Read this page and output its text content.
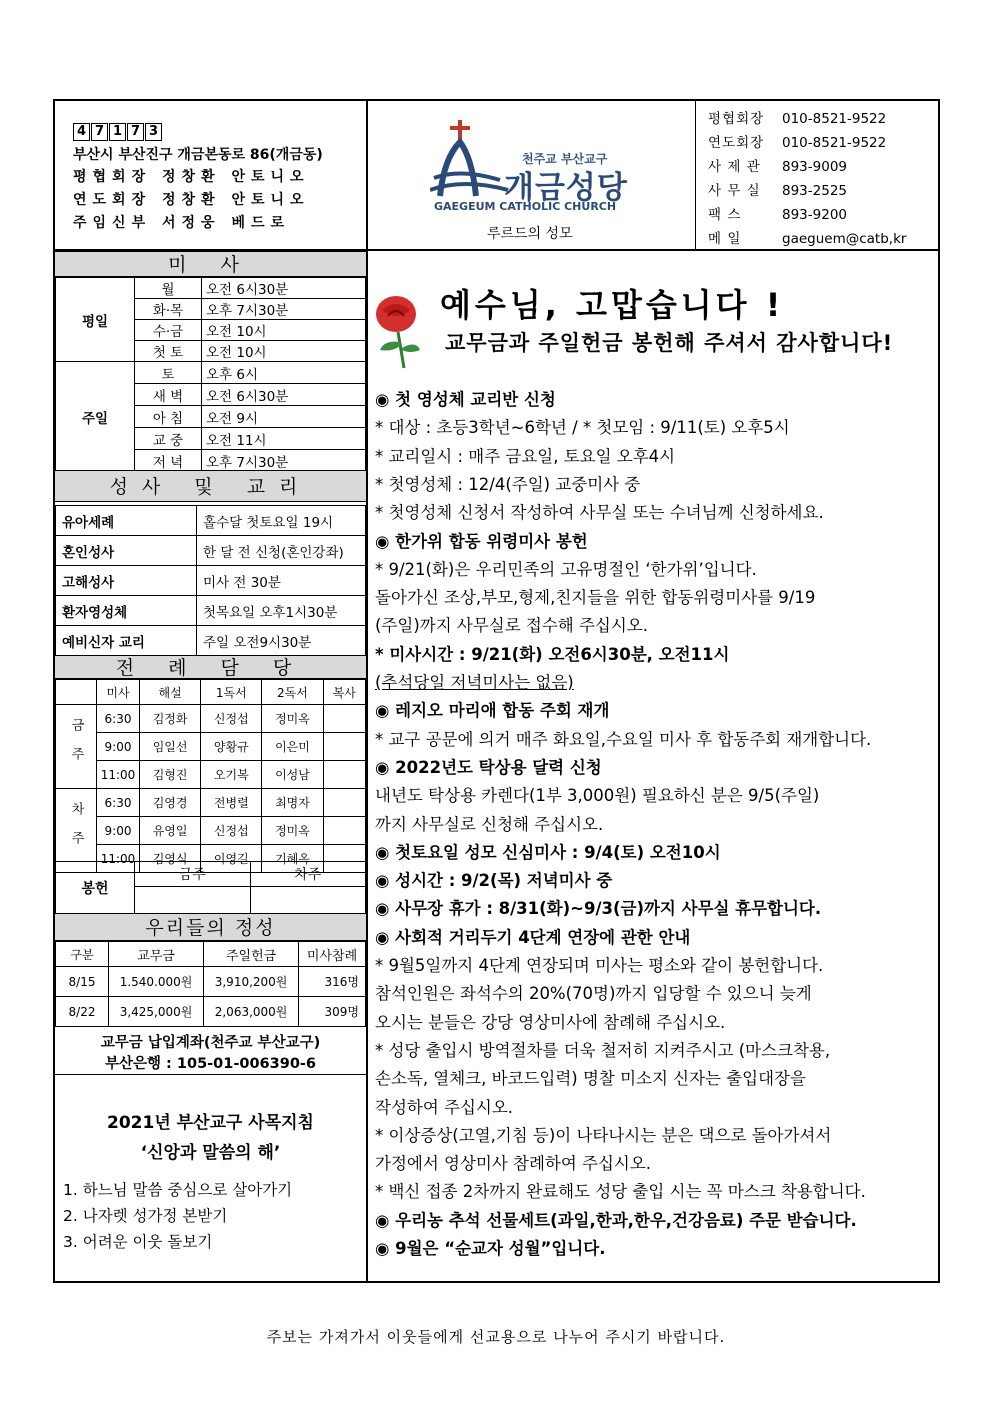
4 7 1 7 3
부산시 부산진구 개금본동로 86(개금동)
평협회장 정창환 안토니오
연도회장 정창환 안토니오
주임신부 서정웅 베드로
천주교 부산교구
개금성당
GAEGEUM CATHOLIC CHURCH
루르드의 성모
평협회장 010-8521-9522
연도회장 010-8521-9522
사 제 관 893-9009
사 무 실 893-2525
팩 스	893-9200
메 일	gaeguem@catb,kr
미 사
평일	월	오전 6시30분
	화·목	오후 7시30분
	수·금	오전 10시
	첫 토	오전 10시
주일	토	오후 6시
	새 벽	오전 6시30분
	아 침	오전 9시
	교 중	오전 11시
	저 녁	오후 7시30분
성사 및 교리
유아세례	홀수달 첫토요일 19시
혼인성사	한 달 전 신청(혼인강좌)
고해성사	미사 전 30분
환자영성체	첫목요일 오후1시30분
예비신자 교리	주일 오전9시30분
전 례 담 당
	미사	해설	1독서	2독서	복사
금주	6:30	김정화	신정섭	정미옥	
	9:00	임일선	양황규	이은미	
	11:00	김형진	오기복	이성남	
차주	6:30	김영경	전병렬	최명자	
	9:00	유영일	신정섭	정미옥	
	11:00	김영식	이영길	기혜옥	
봉헌	금주	차주

우리들의 정성
구분	교무금	주일헌금	미사참례
8/15	1.540.000원	3,910,200원	316명
8/22	3,425,000원	2,063,000원	309명
교무금 납입계좌(천주교 부산교구)
부산은행 : 105-01-006390-6
2021년 부산교구 사목지침
‘신앙과 말씀의 해’
1. 하느님 말씀 중심으로 살아가기
2. 나자렛 성가정 본받기
3. 어려운 이웃 돌보기
예수님, 고맙습니다 !
교무금과 주일헌금 봉헌해 주셔서 감사합니다!
◉ 첫 영성체 교리반 신청
* 대상 : 초등3학년~6학년 / * 첫모임 : 9/11(토) 오후5시
* 교리일시 : 매주 금요일, 토요일 오후4시
* 첫영성체 : 12/4(주일) 교중미사 중
* 첫영성체 신청서 작성하여 사무실 또는 수녀님께 신청하세요.
◉ 한가위 합동 위령미사 봉헌
* 9/21(화)은 우리민족의 고유명절인 ‘한가위’입니다.
돌아가신 조상,부모,형제,친지들을 위한 합동위령미사를 9/19
(주일)까지 사무실로 접수해 주십시오.
* 미사시간 : 9/21(화) 오전6시30분, 오전11시
(추석당일 저녁미사는 없음)
◉ 레지오 마리애 합동 주회 재개
* 교구 공문에 의거 매주 화요일,수요일 미사 후 합동주회 재개합니다.
◉ 2022년도 탁상용 달력 신청
내년도 탁상용 카렌다(1부 3,000원) 필요하신 분은 9/5(주일)
까지 사무실로 신청해 주십시오.
◉ 첫토요일 성모 신심미사 : 9/4(토) 오전10시
◉ 성시간 : 9/2(목) 저녁미사 중
◉ 사무장 휴가 : 8/31(화)~9/3(금)까지 사무실 휴무합니다.
◉ 사회적 거리두기 4단계 연장에 관한 안내
* 9월5일까지 4단계 연장되며 미사는 평소와 같이 봉헌합니다.
참석인원은 좌석수의 20%(70명)까지 입당할 수 있으니 늦게
오시는 분들은 강당 영상미사에 참례해 주십시오.
* 성당 출입시 방역절차를 더욱 철저히 지켜주시고 (마스크착용,
손소독, 열체크, 바코드입력) 명찰 미소지 신자는 출입대장을
작성하여 주십시오.
* 이상증상(고열,기침 등)이 나타나시는 분은 댁으로 돌아가셔서
가정에서 영상미사 참례하여 주십시오.
* 백신 접종 2차까지 완료해도 성당 출입 시는 꼭 마스크 착용합니다.
◉ 우리농 추석 선물세트(과일,한과,한우,건강음료) 주문 받습니다.
◉ 9월은 “순교자 성월”입니다.
주보는 가져가서 이웃들에게 선교용으로 나누어 주시기 바랍니다.
